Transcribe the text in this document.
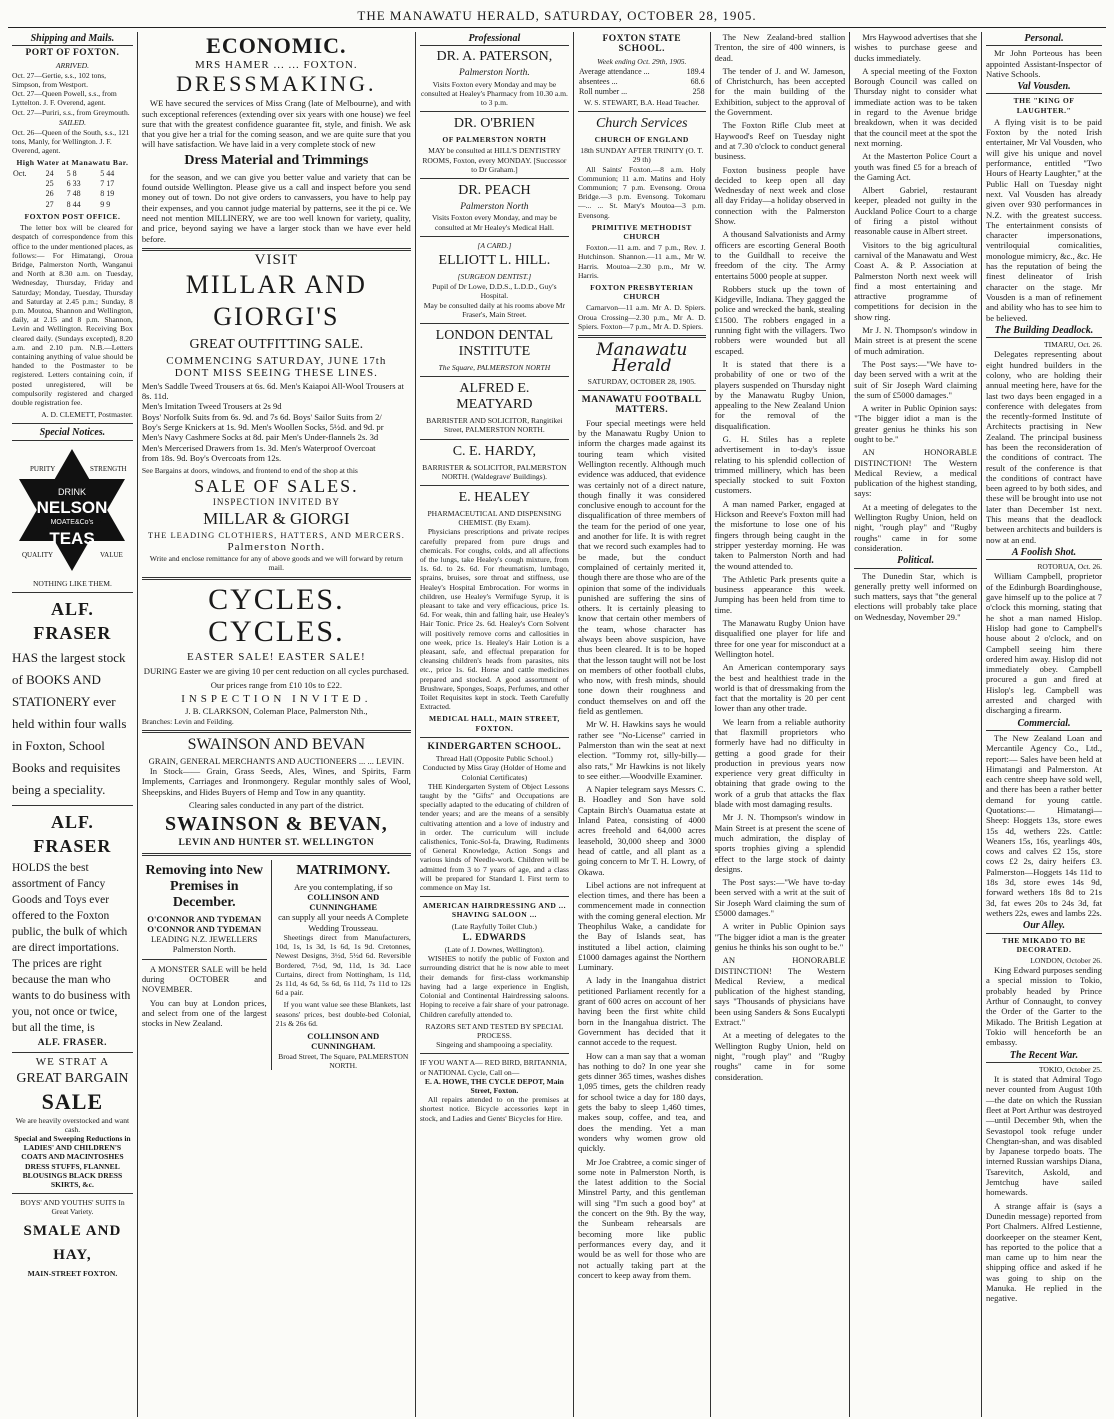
THE MANAWATU HERALD, SATURDAY, OCTOBER 28, 1905.
Shipping and Mails.
PORT OF FOXTON.
ARRIVED.
Oct. 27—Gertie, s.s., 102 tons, Simpson, from Westport.
Oct. 27—Queen Powell, s.s., from Lyttelton. J. F. Overend, agent.
Oct. 27—Puriri, s.s., from Greymouth.
SAILED.
Oct. 26—Queen of the South, s.s., 121 tons, Manly, for Wellington. J. F. Overend, agent.
High Water at Manawatu Bar.
Oct.	24	5 8	5 44
	25	6 33	7 17
	26	7 48	8 19
	27	8 44	9 9
FOXTON POST OFFICE.

The letter box will be cleared for despatch of correspondence from this office to the under mentioned places, as follows:— For Himatangi, Oroua Bridge, Palmerston North, Wanganui and North at 8.30 a.m. on Tuesday, Wednesday, Thursday, Friday and Saturday; Monday, Tuesday, Thursday and Saturday at 2.45 p.m.; Sunday, 8 p.m. Moutoa, Shannon and Wellington, daily, at 2.15 and 8 p.m. Shannon, Levin and Wellington. Receiving Box cleared daily. (Sundays excepted), 8.20 a.m. and 2.10 p.m. N.B.—Letters containing anything of value should be handed to the Postmaster to be registered. Letters containing coin, if posted unregistered, will be compulsorily registered and charged double registration fee.

A. D. CLEMETT, Postmaster.
Special Notices.
DRINK
NELSON
MOATE&Co's
TEAS
PURITY	STRENGTH
QUALITY	VALUE
NOTHING LIKE THEM.
ALF. FRASER
HAS the largest stock of BOOKS AND STATIONERY ever held within four walls in Foxton, School Books and requisites being a speciality.
ALF. FRASER
HOLDS the best assortment of Fancy Goods and Toys ever offered to the Foxton public, the bulk of which are direct importations. The prices are right because the man who wants to do business with you, not once or twice, but all the time, is
ALF. FRASER.
WE STRAT A
GREAT BARGAIN
SALE
We are heavily overstocked and want cash.
Special and Sweeping Reductions in LADIES' AND CHILDREN'S COATS AND MACINTOSHES DRESS STUFFS, FLANNEL BLOUSINGS BLACK DRESS SKIRTS, &c.
BOYS' AND YOUTHS' SUITS In Great Variety.
SMALE AND HAY,
MAIN-STREET FOXTON.
ECONOMIC.
MRS HAMER ... ... FOXTON.
DRESSMAKING.

WE have secured the services of Miss Crang (late of Melbourne), and with such exceptional references (extending over six years with one house) we feel sure that with the greatest confidence guarantee fit, style, and finish. We ask that you give her a trial for the coming season, and we are quite sure that you will have satisfaction. We have laid in a very complete stock of new

Dress Material and Trimmings

for the season, and we can give you better value and variety that can be found outside Wellington. Please give us a call and inspect before you send money out of town. Do not give orders to canvassers, you have to help pay their expenses, and you cannot judge material by patterns, see it the pi ce. We need not mention MILLINERY, we are too well known for variety, quality, and price, beyond saying we have a larger stock than we have ever held before.

VISIT
MILLAR AND GIORGI'S
GREAT OUTFITTING SALE.
COMMENCING SATURDAY, JUNE 17th
DONT MISS SEEING THESE LINES.
Men's Saddle Tweed Trousers at 6s. 6d. Men's Kaiapoi All-Wool Trousers at 8s. 11d.
Men's Imitation Tweed Trousers at 2s 9d
Boys' Norfolk Suits from 6s. 9d. and 7s 6d. Boys' Sailor Suits from 2/
Boy's Serge Knickers at 1s. 9d. Men's Woollen Socks, 5½d. and 9d. pr
Men's Navy Cashmere Socks at 8d. pair Men's Under-flannels 2s. 3d
Men's Mercerised Drawers from 1s. 3d. Men's Waterproof Overcoat
from 18s. 9d. Boy's Overcoats from 12s.
See Bargains at doors, windows, and frontend to end of the shop at this
SALE OF SALES.
INSPECTION INVITED BY
MILLAR & GIORGI
THE LEADING CLOTHIERS, HATTERS, AND MERCERS.
Palmerston North.
Write and enclose remittance for any of above goods and we will forward by return mail.
CYCLES. CYCLES.
EASTER SALE! EASTER SALE!
DURING Easter we are giving 10 per cent reduction on all cycles purchased. Our prices range from £10 10s to £22.
INSPECTION INVITED.
J. B. CLARKSON, Coleman Place, Palmerston Nth.,
Branches: Levin and Feilding.
SWAINSON AND BEVAN
GRAIN, GENERAL MERCHANTS AND AUCTIONEERS ... ... LEVIN.

In Stock—— Grain, Grass Seeds, Ales, Wines, and Spirits, Farm Implements, Carriages and Ironmongery. Regular monthly sales of Wool, Sheepskins, and Hides Buyers of Hemp and Tow in any quantity.

Clearing sales conducted in any part of the district.
SWAINSON & BEVAN,
LEVIN AND HUNTER ST. WELLINGTON
Removing into New Premises in December.
O'CONNOR AND TYDEMAN O'CONNOR AND TYDEMAN
LEADING N.Z. JEWELLERS
Palmerston North.

A MONSTER SALE will be held during OCTOBER and NOVEMBER.

You can buy at London prices, and select from one of the largest stocks in New Zealand.

MATRIMONY.
Are you contemplating, if so
COLLINSON AND CUNNINGHAME
can supply all your needs A Complete Wedding Trousseau.

Sheetings direct from Manufacturers, 10d, 1s, 1s 3d, 1s 6d, 1s 9d. Cretonnes, Newest Designs, 3½d, 5½d 6d. Reversible Bordered, 7½d, 9d, 11d, 1s 3d. Lace Curtains, direct from Nottingham, 1s 11d, 2s 11d, 4s 6d, 5s 6d, 6s 11d, 7s 11d to 12s 6d a pair.

If you want value see these Blankets, last seasons' prices, best double-bed Colonial, 21s & 26s 6d.

COLLINSON AND CUNNINGHAM.
Broad Street, The Square, PALMERSTON NORTH.
Professional
DR. A. PATERSON,
Palmerston North.
Visits Foxton every Monday and may be consulted at Healey's Pharmacy from 10.30 a.m. to 3 p.m.
DR. O'BRIEN
OF PALMERSTON NORTH
MAY be consulted at HILL'S DENTISTRY ROOMS, Foxton, every MONDAY. [Successor to Dr Graham.]
DR. PEACH
Palmerston North
Visits Foxton every Monday, and may be consulted at Mr Healey's Medical Hall.
[A CARD.]
ELLIOTT L. HILL.
[SURGEON DENTIST.]
Pupil of Dr Lowe, D.D.S., L.D.D., Guy's Hospital.
May be consulted daily at his rooms above Mr Fraser's, Main Street.
LONDON DENTAL INSTITUTE
The Square, PALMERSTON NORTH
ALFRED E. MEATYARD
BARRISTER AND SOLICITOR, Rangitikei Street, PALMERSTON NORTH.
C. E. HARDY,
BARRISTER & SOLICITOR, PALMERSTON NORTH. (Waldegrave' Buildings).
E. HEALEY
PHARMACEUTICAL AND DISPENSING CHEMIST. (By Exam).

Physicians prescriptions and private recipes carefully prepared from pure drugs and chemicals. For coughs, colds, and all affections of the lungs, take Healey's cough mixture, from 1s. 6d. to 2s. 6d. For rheumatism, lumbago, sprains, bruises, sore throat and stiffness, use Healey's Hospital Embrocation. For worms in children, use Healey's Vermifuge Syrup, it is pleasant to take and very efficacious, price 1s. 6d. For weak, thin and falling hair, use Healey's Hair Tonic. Price 2s. 6d. Healey's Corn Solvent will positively remove corns and callosities in one week, price 1s. Healey's Hair Lotion is a pleasant, safe, and effectual preparation for cleansing children's heads from parasites, nits etc., price 1s. 6d. Horse and cattle medicines prepared and stocked. A good assortment of Brushware, Sponges, Soaps, Perfumes, and other Toilet Requisites kept in stock. Teeth Carefully Extracted.

MEDICAL HALL, MAIN STREET, FOXTON.
KINDERGARTEN SCHOOL.
Thread Hall (Opposite Public School.)
Conducted by Miss Gray (Holder of Home and Colonial Certificates)

THE Kindergarten System of Object Lessons taught by the "Gifts" and Occupations are specially adapted to the educating of children of tender years; and are the means of a sensibly cultivating attention and a love of industry and in order. The curriculum will include calisthenics, Tonic-Sol-fa, Drawing, Rudiments of General Knowledge, Action Songs and various kinds of Needle-work. Children will be admitted from 3 to 7 years of age, and a class will be prepared for Standard I. First term to commence on May 1st.

AMERICAN HAIRDRESSING AND ... SHAVING SALOON ...
(Late Rayfully Toilet Club.)
L. EDWARDS
(Late of J. Downes, Wellington).

WISHES to notify the public of Foxton and surrounding district that he is now able to meet their demands for first-class workmanship having had a large experience in English, Colonial and Continental Hairdressing saloons. Hoping to receive a fair share of your patronage. Children carefully attended to.

RAZORS SET AND TESTED BY SPECIAL PROCESS.
Singeing and shampooing a speciality.
IF YOU WANT A— RED BIRD, BRITANNIA, or NATIONAL Cycle, Call on—
E. A. HOWE, THE CYCLE DEPOT, Main Street, Foxton.

All repairs attended to on the premises at shortest notice. Bicycle accessories kept in stock, and Ladies and Gents' Bicycles for Hire.

FOXTON STATE SCHOOL.
Week ending Oct. 29th, 1905.
Average attendance ...	189.4
absentees ...	68.6
Roll number ...	258
W. S. STEWART, B.A. Head Teacher.
Church Services
CHURCH OF ENGLAND
18th SUNDAY AFTER TRINITY (O. T. 29 th)

All Saints' Foxton.—8 a.m. Holy Communion; 11 a.m. Matins and Holy Communion; 7 p.m. Evensong. Oroua Bridge.—3 p.m. Evensong. Tokomaru—... ... St. Mary's Moutoa—3 p.m. Evensong.

PRIMITIVE METHODIST CHURCH

Foxton.—11 a.m. and 7 p.m., Rev. J. Hutchinson. Shannon.—11 a.m., Mr W. Harris. Moutoa—2.30 p.m., Mr W. Harris.

FOXTON PRESBYTERIAN CHURCH

Carnarvon—11 a.m. Mr A. D. Spiers. Oroua Crossing—2.30 p.m., Mr A. D. Spiers. Foxton—7 p.m., Mr A. D. Spiers.

Manawatu Herald
SATURDAY, OCTOBER 28, 1905.
MANAWATU FOOTBALL MATTERS.

Four special meetings were held by the Manawatu Rugby Union to inform the charges made against its touring team which visited Wellington recently. Although much evidence was adduced, that evidence was certainly not of a direct nature, though finally it was considered conclusive enough to account for the disqualification of three members of the team for the period of one year, and another for life. It is with regret that we record such examples had to be made, but the conduct complained of certainly merited it, though there are those who are of the opinion that some of the individuals punished are suffering the sins of others. It is certainly pleasing to know that certain other members of the team, whose character has always been above suspicion, have thus been cleared. It is to be hoped that the lesson taught will not be lost on members of other football clubs, who now, with fresh minds, should tone down their roughness and conduct themselves on and off the field as gentlemen.

Mr W. H. Hawkins says he would rather see "No-License" carried in Palmerston than win the seat at next election. "Tommy rot, silly-billy—also rats," Mr Hawkins is not likely to see either.—Woodville Examiner.

A Napier telegram says Messrs C. B. Hoadley and Son have sold Captain Birch's Ouamatua estate at Inland Patea, consisting of 4000 acres freehold and 64,000 acres leasehold, 30,000 sheep and 3000 head of cattle, and all plant as a going concern to Mr T. H. Lowry, of Okawa.

Libel actions are not infrequent at election times, and there has been a commencement made in connection with the coming general election. Mr Theophilus Wake, a candidate for the Bay of Islands seat, has instituted a libel action, claiming £1000 damages against the Northern Luminary.

A lady in the Inangahua district petitioned Parliament recently for a grant of 600 acres on account of her having been the first white child born in the Inangahua district. The Government has decided that it cannot accede to the request.

How can a man say that a woman has nothing to do? In one year she gets dinner 365 times, washes dishes 1,095 times, gets the children ready for school twice a day for 180 days, gets the baby to sleep 1,460 times, makes soup, coffee, and tea, and does the mending. Yet a man wonders why women grow old quickly.

Mr Joe Crabtree, a comic singer of some note in Palmerston North, is the latest addition to the Social Minstrel Party, and this gentleman will sing "I'm such a good boy" at the concert on the 9th. By the way, the Sunbeam rehearsals are becoming more like public performances every day, and it would be as well for those who are not actually taking part at the concert to keep away from them.

The New Zealand-bred stallion Trenton, the sire of 400 winners, is dead.

The tender of J. and W. Jameson, of Christchurch, has been accepted for the main building of the Exhibition, subject to the approval of the Government.

The Foxton Rifle Club meet at Haywood's Reef on Tuesday night and at 7.30 o'clock to conduct general business.

Foxton business people have decided to keep open all day Wednesday of next week and close all day Friday—a holiday observed in connection with the Palmerston Show.

A thousand Salvationists and Army officers are escorting General Booth to the Guildhall to receive the freedom of the city. The Army entertains 5000 people at supper.

Robbers stuck up the town of Kidgeville, Indiana. They gagged the police and wrecked the bank, stealing £1500. The robbers engaged in a running fight with the villagers. Two robbers were wounded but all escaped.

It is stated that there is a probability of one or two of the players suspended on Thursday night by the Manawatu Rugby Union, appealing to the New Zealand Union for the removal of the disqualification.

G. H. Stiles has a replete advertisement in to-day's issue relating to his splendid collection of trimmed millinery, which has been specially stocked to suit Foxton customers.

A man named Parker, engaged at Hickson and Reeve's Foxton mill had the misfortune to lose one of his fingers through being caught in the stripper yesterday morning. He was taken to Palmerston North and had the wound attended to.

The Athletic Park presents quite a business appearance this week. Jumping has been held from time to time.

The Manawatu Rugby Union have disqualified one player for life and three for one year for misconduct at a Wellington hotel.

An American contemporary says the best and healthiest trade in the world is that of dressmaking from the fact that the mortality is 20 per cent lower than any other trade.

We learn from a reliable authority that flaxmill proprietors who formerly have had no difficulty in getting a good grade for their production in previous years now experience very great difficulty in obtaining that grade owing to the work of a grub that attacks the flax blade with most damaging results.

Mr J. N. Thompson's window in Main Street is at present the scene of much admiration, the display of sports trophies giving a splendid effect to the large stock of dainty designs.

The Post says:—"We have to-day been served with a writ at the suit of Sir Joseph Ward claiming the sum of £5000 damages."

A writer in Public Opinion says "The bigger idiot a man is the greater genius he thinks his son ought to be."

AN HONORABLE DISTINCTION! The Western Medical Review, a medical publication of the highest standing, says "Thousands of physicians have been using Sanders & Sons Eucalypti Extract."

At a meeting of delegates to the Wellington Rugby Union, held on night, "rough play" and "Rugby roughs" came in for some consideration.

Mrs Haywood advertises that she wishes to purchase geese and ducks immediately.

A special meeting of the Foxton Borough Council was called on Thursday night to consider what immediate action was to be taken in regard to the Avenue bridge breakdown, when it was decided that the council meet at the spot the next morning.

At the Masterton Police Court a youth was fined £5 for a breach of the Gaming Act.

Albert Gabriel, restaurant keeper, pleaded not guilty in the Auckland Police Court to a charge of firing a pistol without reasonable cause in Albert street.

Visitors to the big agricultural carnival of the Manawatu and West Coast A. & P. Association at Palmerston North next week will find a most entertaining and attractive programme of competitions for decision in the show ring.

Mr J. N. Thompson's window in Main street is at present the scene of much admiration.

The Post says:—"We have to-day been served with a writ at the suit of Sir Joseph Ward claiming the sum of £5000 damages."

A writer in Public Opinion says: "The bigger idiot a man is the greater genius he thinks his son ought to be."

AN HONORABLE DISTINCTION! The Western Medical Review, a medical publication of the highest standing, says:

At a meeting of delegates to the Wellington Rugby Union, held on night, "rough play" and "Rugby roughs" came in for some consideration.

Political.

The Dunedin Star, which is generally pretty well informed on such matters, says that "the general elections will probably take place on Wednesday, November 29."

Personal.

Mr John Porteous has been appointed Assistant-Inspector of Native Schools.

Val Vousden.
THE "KING OF LAUGHTER."

A flying visit is to be paid Foxton by the noted Irish entertainer, Mr Val Vousden, who will give his unique and novel performance, entitled "Two Hours of Hearty Laughter," at the Public Hall on Tuesday night next. Val Vousden has already given over 930 performances in N.Z. with the greatest success. The entertainment consists of character impersonations, ventriloquial comicalities, monologue mimicry, &c., &c. He has the reputation of being the finest delineator of Irish character on the stage. Mr Vousden is a man of refinement and ability who has to see him to be believed.

The Building Deadlock.
TIMARU, Oct. 26.

Delegates representing about eight hundred builders in the colony, who are holding their annual meeting here, have for the last two days been engaged in a conference with delegates from the recently-formed Institute of Architects practising in New Zealand. The principal business has been the reconsideration of the conditions of contract. The result of the conference is that the conditions of contract have been agreed to by both sides, and these will be brought into use not later than December 1st next. This means that the deadlock between architects and builders is now at an end.

A Foolish Shot.
ROTORUA, Oct. 26.

William Campbell, proprietor of the Edinburgh Boardinghouse, gave himself up to the police at 7 o'clock this morning, stating that he shot a man named Hislop. Hislop had gone to Campbell's house about 2 o'clock, and on Campbell seeing him there ordered him away. Hislop did not immediately obey. Campbell procured a gun and fired at Hislop's leg. Campbell was arrested and charged with discharging a firearm.

Commercial.

The New Zealand Loan and Mercantile Agency Co., Ltd., report:— Sales have been held at Himatangi and Palmerston. At each centre sheep have sold well, and there has been a rather better demand for young cattle. Quotations:— Himatangi—Sheep: Hoggets 13s, store ewes 15s 4d, wethers 22s. Cattle: Weaners 15s, 16s, yearlings 40s, cows and calves £2 15s, store cows £2 2s, dairy heifers £3. Palmerston—Hoggets 14s 11d to 18s 3d, store ewes 14s 9d, forward wethers 18s 8d to 21s 3d, fat ewes 20s to 24s 3d, fat wethers 22s, ewes and lambs 22s.

Our Alley.
THE MIKADO TO BE DECORATED.
LONDON, October 26.

King Edward purposes sending a special mission to Tokio, probably headed by Prince Arthur of Connaught, to convey the Order of the Garter to the Mikado. The British Legation at Tokio will henceforth be an embassy.

The Recent War.
TOKIO, October 25.

It is stated that Admiral Togo never counted from August 10th—the date on which the Russian fleet at Port Arthur was destroyed—until December 9th, when the Sevastopol took refuge under Chengtan-shan, and was disabled by Japanese torpedo boats. The interned Russian warships Diana, Tsarevitch, Askold, and Jemtchug have sailed homewards.

A strange affair is (says a Dunedin message) reported from Port Chalmers. Alfred Lestienne, doorkeeper on the steamer Kent, has reported to the police that a man came up to him near the shipping office and asked if he was going to ship on the Manuka. He replied in the negative.
